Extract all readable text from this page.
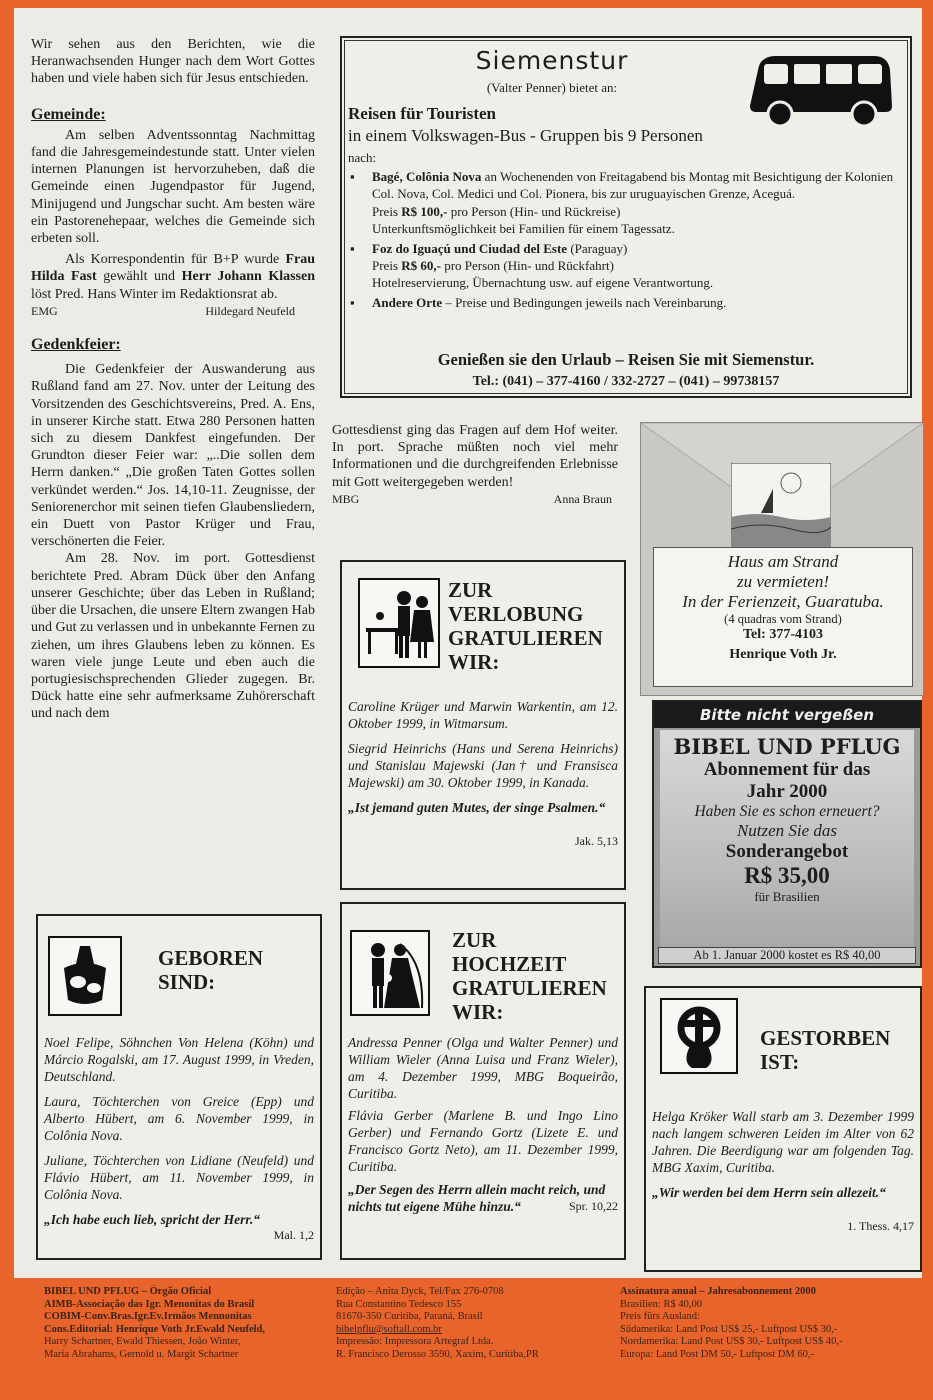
Wir sehen aus den Berichten, wie die Heranwachsenden Hunger nach dem Wort Gottes haben und viele haben sich für Jesus entschieden.

Gemeinde:

Am selben Adventssonntag Nachmittag fand die Jahresgemeindestunde statt. Unter vielen internen Planungen ist hervorzuheben, daß die Gemeinde einen Jugendpastor für Jugend, Minijugend und Jungschar sucht. Am besten wäre ein Pastorenehepaar, welches die Gemeinde sich erbeten soll.

Als Korrespondentin für B+P wurde Frau Hilda Fast gewählt und Herr Johann Klassen löst Pred. Hans Winter im Redaktionsrat ab.

EMG	Hildegard Neufeld
Gedenkfeier:

Die Gedenkfeier der Auswanderung aus Rußland fand am 27. Nov. unter der Leitung des Vorsitzenden des Geschichtsvereins, Pred. A. Ens, in unserer Kirche statt. Etwa 280 Personen hatten sich zu diesem Dankfest eingefunden. Der Grundton dieser Feier war: „..Die sollen dem Herrn danken.“ „Die großen Taten Gottes sollen verkündet werden.“ Jos. 14,10-11. Zeugnisse, der Seniorenerchor mit seinen tiefen Glaubensliedern, ein Duett von Pastor Krüger und Frau, verschönerten die Feier.

Am 28. Nov. im port. Gottesdienst berichtete Pred. Abram Dück über den Anfang unserer Geschichte; über das Leben in Rußland; über die Ursachen, die unsere Eltern zwangen Hab und Gut zu verlassen und in unbekannte Fernen zu ziehen, um ihres Glaubens leben zu können. Es waren viele junge Leute und eben auch die portugiesischsprechenden Glieder zugegen. Br. Dück hatte eine sehr aufmerksame Zuhörerschaft und nach dem

Gottesdienst ging das Fragen auf dem Hof weiter. In port. Sprache müßten noch viel mehr Informationen und die durchgreifenden Erlebnisse mit Gott weitergegeben werden!

MBG	Anna Braun
Siemenstur
(Valter Penner) bietet an:
Reisen für Touristen
in einem Volkswagen-Bus - Gruppen bis 9 Personen
nach:
▪ Bagé, Colônia Nova an Wochenenden von Freitagabend bis Montag mit Besichtigung der Kolonien Col. Nova, Col. Medici und Col. Pionera, bis zur uruguayischen Grenze, Aceguá.
Preis R$ 100,- pro Person (Hin- und Rückreise)
Unterkunftsmöglichkeit bei Familien für einem Tagessatz.
▪ Foz do Iguaçú und Ciudad del Este (Paraguay)
Preis R$ 60,- pro Person (Hin- und Rückfahrt)
Hotelreservierung, Übernachtung usw. auf eigene Verantwortung.
▪ Andere Orte – Preise und Bedingungen jeweils nach Vereinbarung.
Genießen sie den Urlaub – Reisen Sie mit Siemenstur.
Tel.: (041) – 377-4160 / 332-2727 – (041) – 99738157
Haus am Strand
zu vermieten!
In der Ferienzeit, Guaratuba.
(4 quadras vom Strand)
Tel: 377-4103
Henrique Voth Jr.
Bitte nicht vergeßen
BIBEL UND PFLUG
Abonnement für das
Jahr 2000
Haben Sie es schon erneuert?
Nutzen Sie das
Sonderangebot
R$ 35,00
für Brasilien
Ab 1. Januar 2000 kostet es R$ 40,00
ZUR
VERLOBUNG
GRATULIEREN
WIR:

Caroline Krüger und Marwin Warkentin, am 12. Oktober 1999, in Witmarsum.

Siegrid Heinrichs (Hans und Serena Heinrichs) und Stanislau Majewski (Jan† und Fransisca Majewski) am 30. Oktober 1999, in Kanada.

„Ist jemand guten Mutes, der singe Psalmen.“
Jak. 5,13
ZUR
HOCHZEIT
GRATULIEREN
WIR:

Andressa Penner (Olga und Walter Penner) und William Wieler (Anna Luisa und Franz Wieler), am 4. Dezember 1999, MBG Boqueirão, Curitiba.

Flávia Gerber (Marlene B. und Ingo Lino Gerber) und Fernando Gortz (Lizete E. und Francisco Gortz Neto), am 11. Dezember 1999, Curitiba.

„Der Segen des Herrn allein macht reich, und nichts tut eigene Mühe hinzu.“	Spr. 10,22
GEBOREN
SIND:

Noel Felipe, Söhnchen Von Helena (Köhn) und Márcio Rogalski, am 17. August 1999, in Vreden, Deutschland.

Laura, Töchterchen von Greice (Epp) und Alberto Hübert, am 6. November 1999, in Colônia Nova.

Juliane, Töchterchen von Lidiane (Neufeld) und Flávio Hübert, am 11. November 1999, in Colônia Nova.

„Ich habe euch lieb, spricht der Herr.“
Mal. 1,2
GESTORBEN
IST:

Helga Kröker Wall starb am 3. Dezember 1999 nach langem schweren Leiden im Alter von 62 Jahren. Die Beerdigung war am folgenden Tag. MBG Xaxim, Curitiba.

„Wir werden bei dem Herrn sein allezeit.“
1. Thess. 4,17
BIBEL UND PFLUG – Órgão Oficial
AIMB-Associação das Igr. Menonitas do Brasil
COBIM-Conv.Bras.Igr.Ev.Irmãos Mennonitas
Cons.Editorial: Henrique Voth Jr.Ewald Neufeld,
Harry Schartner, Ewald Thiessen, João Winter,
Maria Abrahams, Gernold u. Margit Schartner
Edição – Anita Dyck, Tel/Fax 276-0708
Rua Constantino Tedesco 155
81670-350 Curitiba, Paraná, Brasil
bibelpflu@softall.com.br
Impressão: Impressora Artegraf Ltda.
R. Francisco Derosso 3590, Xaxim, Curitiba,PR
Assinatura anual – Jahresabonnement 2000
Brasilien: R$ 40,00
Preis fürs Ausland:
Südamerika: Land Post US$ 25,- Luftpost US$ 30,-
Nordamerika: Land Post US$ 30,- Luftpost US$ 40,-
Europa: Land Post DM 50,- Luftpost DM 60,-
